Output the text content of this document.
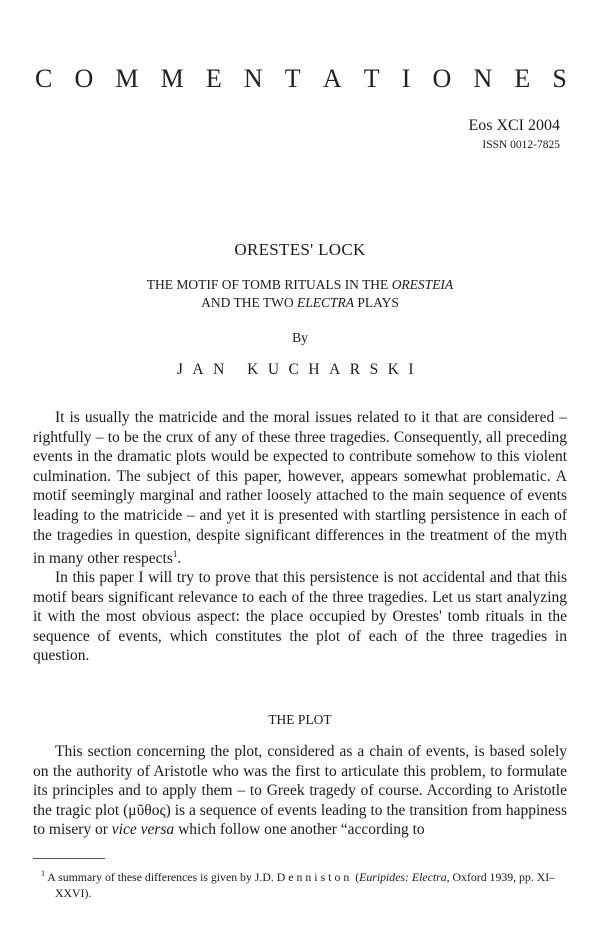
C O M M E N T A T I O N E S
Eos XCI 2004
ISSN 0012-7825
ORESTES' LOCK
THE MOTIF OF TOMB RITUALS IN THE ORESTEIA
AND THE TWO ELECTRA PLAYS
By
JAN KUCHARSKI

It is usually the matricide and the moral issues related to it that are considered – rightfully – to be the crux of any of these three tragedies. Consequently, all preceding events in the dramatic plots would be expected to contribute somehow to this violent culmination. The subject of this paper, however, appears somewhat problematic. A motif seemingly marginal and rather loosely attached to the main sequence of events leading to the matricide – and yet it is presented with startling persistence in each of the tragedies in question, despite significant differences in the treatment of the myth in many other respects$^1$.

In this paper I will try to prove that this persistence is not accidental and that this motif bears significant relevance to each of the three tragedies. Let us start analyzing it with the most obvious aspect: the place occupied by Orestes' tomb rituals in the sequence of events, which constitutes the plot of each of the three tragedies in question.

THE PLOT

This section concerning the plot, considered as a chain of events, is based solely on the authority of Aristotle who was the first to articulate this problem, to formulate its principles and to apply them – to Greek tragedy of course. According to Aristotle the tragic plot (μῦθος) is a sequence of events leading to the transition from happiness to misery or vice versa which follow one another “according to

$^1$ A summary of these differences is given by J.D. Denniston (Euripides: Electra, Oxford 1939, pp. XI–XXVI).
